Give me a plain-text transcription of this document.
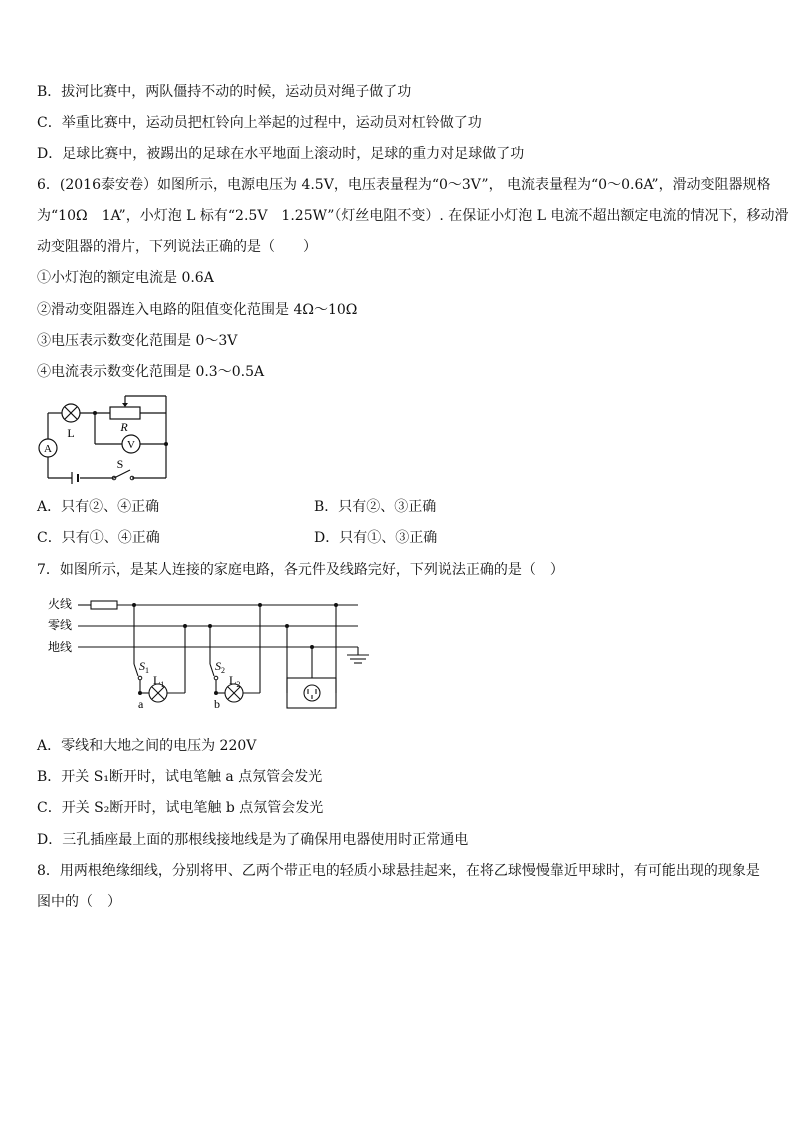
B．拔河比赛中，两队僵持不动的时候，运动员对绳子做了功
C．举重比赛中，运动员把杠铃向上举起的过程中，运动员对杠铃做了功
D．足球比赛中，被踢出的足球在水平地面上滚动时，足球的重力对足球做了功
6．(2016泰安卷）如图所示，电源电压为 4.5V，电压表量程为“0～3V”， 电流表量程为“0～0.6A”，滑动变阻器规格
为“10Ω　1A”，小灯泡 L 标有“2.5V　1.25W”（灯丝电阻不变）. 在保证小灯泡 L 电流不超出额定电流的情况下，移动滑
动变阻器的滑片，下列说法正确的是（　　）
①小灯泡的额定电流是 0.6A
②滑动变阻器连入电路的阻值变化范围是 4Ω～10Ω
③电压表示数变化范围是 0～3V
④电流表示数变化范围是 0.3～0.5A
A	V
L	R
S
A．只有②、④正确	B．只有②、③正确
C．只有①、④正确	D．只有①、③正确
7．如图所示，是某人连接的家庭电路，各元件及线路完好，下列说法正确的是（　）
火线
零线
地线
$S_1$
$L_1$
$S_2$
$L_2$
a	b
A．零线和大地之间的电压为 220V
B．开关 S₁断开时，试电笔触 a 点氖管会发光
C．开关 S₂断开时，试电笔触 b 点氖管会发光
D．三孔插座最上面的那根线接地线是为了确保用电器使用时正常通电
8．用两根绝缘细线，分别将甲、乙两个带正电的轻质小球悬挂起来，在将乙球慢慢靠近甲球时，有可能出现的现象是
图中的（　）
